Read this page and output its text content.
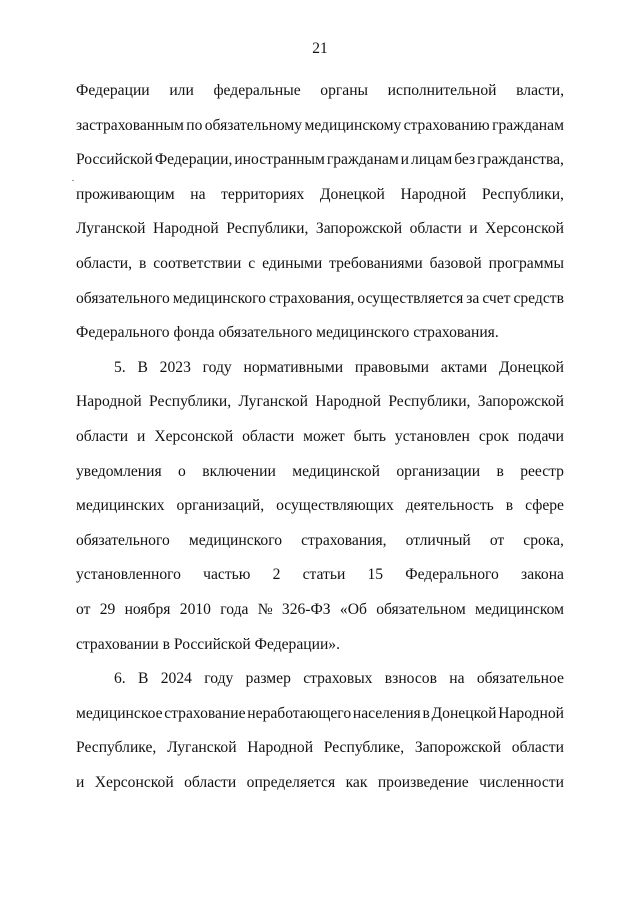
21
Федерации или федеральные органы исполнительной власти,
застрахованным по обязательному медицинскому страхованию гражданам
Российской Федерации, иностранным гражданам и лицам без гражданства,
проживающим на территориях Донецкой Народной Республики,
Луганской Народной Республики, Запорожской области и Херсонской
области, в соответствии с едиными требованиями базовой программы
обязательного медицинского страхования, осуществляется за счет средств
Федерального фонда обязательного медицинского страхования.
5. В 2023 году нормативными правовыми актами Донецкой
Народной Республики, Луганской Народной Республики, Запорожской
области и Херсонской области может быть установлен срок подачи
уведомления о включении медицинской организации в реестр
медицинских организаций, осуществляющих деятельность в сфере
обязательного медицинского страхования, отличный от срока,
установленного частью 2 статьи 15 Федерального закона
от 29 ноября 2010 года № 326-ФЗ «Об обязательном медицинском
страховании в Российской Федерации».
6. В 2024 году размер страховых взносов на обязательное
медицинское страхование неработающего населения в Донецкой Народной
Республике, Луганской Народной Республике, Запорожской области
и Херсонской области определяется как произведение численности
